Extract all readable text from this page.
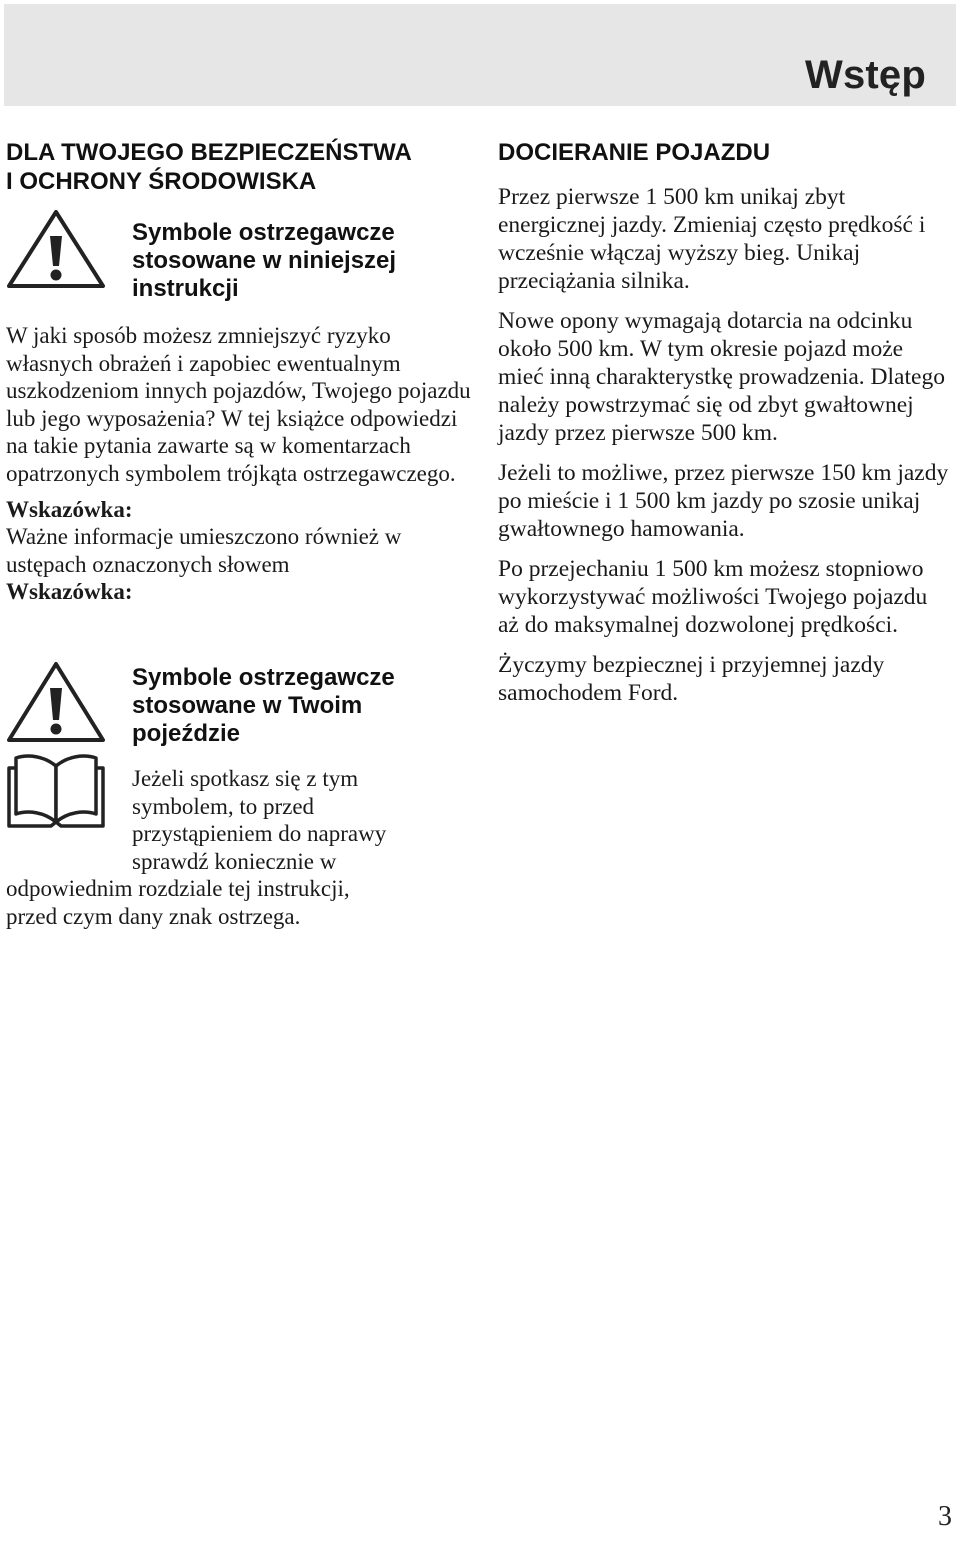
Wstęp
DLA TWOJEGO BEZPIECZEŃSTWA
I OCHRONY ŚRODOWISKA
Symbole ostrzegawcze
stosowane w niniejszej
instrukcji

W jaki sposób możesz zmniejszyć ryzyko własnych obrażeń i zapobiec ewentualnym uszkodzeniom innych pojazdów, Twojego pojazdu lub jego wyposażenia? W tej książce odpowiedzi na takie pytania zawarte są w komentarzach opatrzonych symbolem trójkąta ostrzegawczego.

Wskazówka:
Ważne informacje umieszczono również w ustępach oznaczonych słowem
Wskazówka:

Symbole ostrzegawcze
stosowane w Twoim
pojeździe

Jeżeli spotkasz się z tym
symbolem, to przed
przystąpieniem do naprawy
sprawdź koniecznie w

odpowiednim rozdziale tej instrukcji,
przed czym dany znak ostrzega.

DOCIERANIE POJAZDU

Przez pierwsze 1 500 km unikaj zbyt energicznej jazdy. Zmieniaj często prędkość i wcześnie włączaj wyższy bieg. Unikaj przeciążania silnika.

Nowe opony wymagają dotarcia na odcinku około 500 km. W tym okresie pojazd może mieć inną charakterystkę prowadzenia. Dlatego należy powstrzymać się od zbyt gwałtownej jazdy przez pierwsze 500 km.

Jeżeli to możliwe, przez pierwsze 150 km jazdy po mieście i 1 500 km jazdy po szosie unikaj gwałtownego hamowania.

Po przejechaniu 1 500 km możesz stopniowo wykorzystywać możliwości Twojego pojazdu aż do maksymalnej dozwolonej prędkości.

Życzymy bezpiecznej i przyjemnej jazdy samochodem Ford.

3
